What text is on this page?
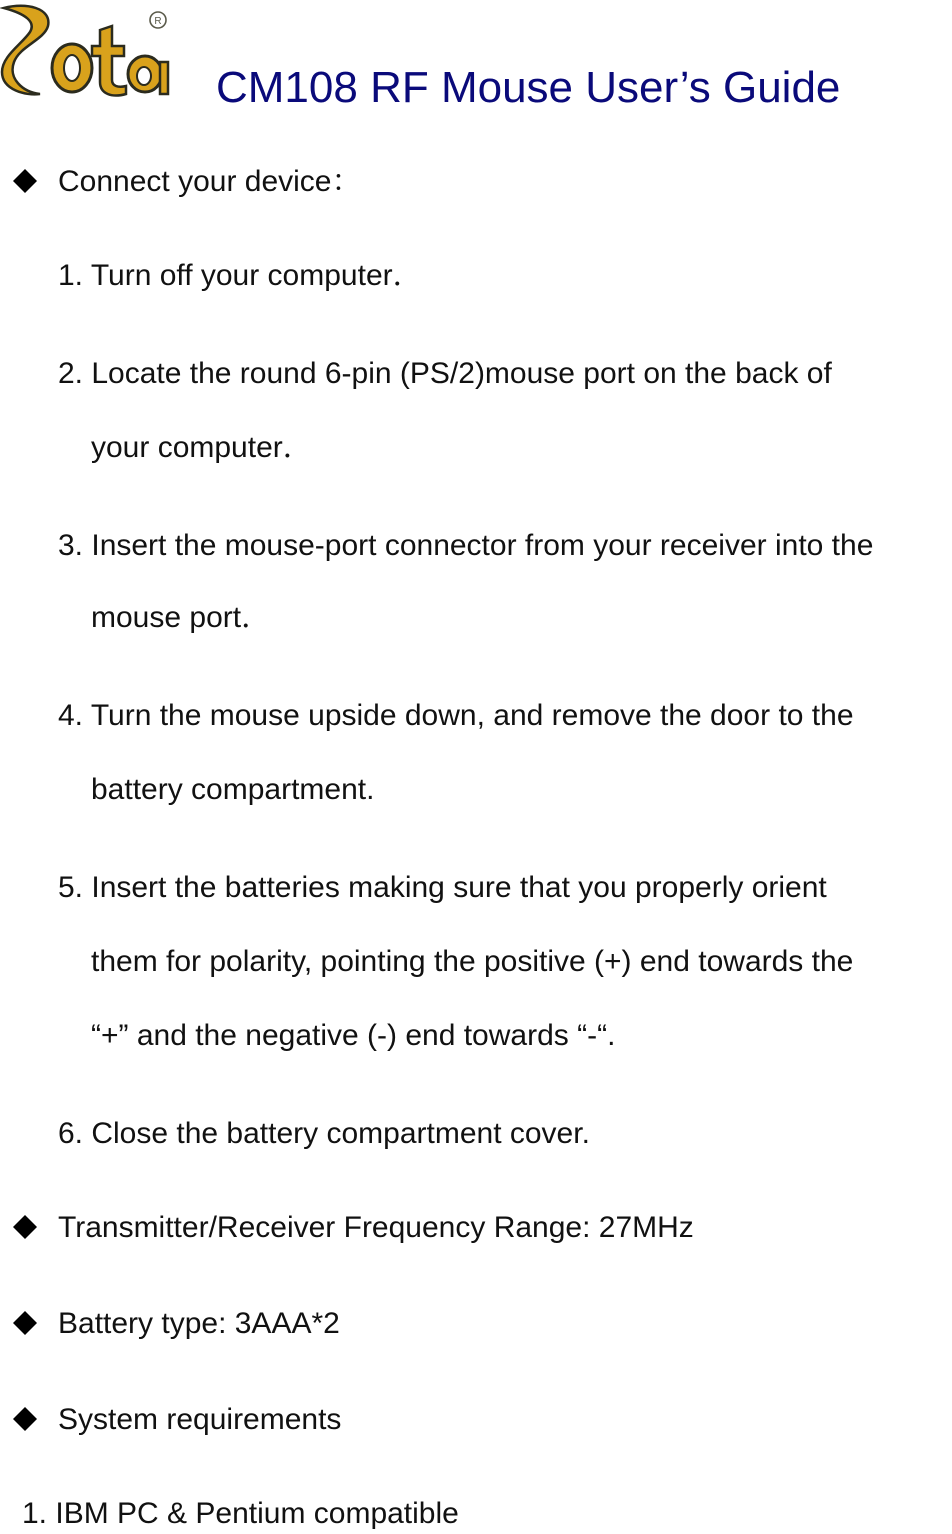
R
CM108 RF Mouse User’s Guide
Connect your device：
1. Turn off your computer．
2. Locate the round 6-pin (PS/2)mouse port on the back of
your computer．
3. Insert the mouse-port connector from your receiver into the
mouse port．
4. Turn the mouse upside down, and remove the door to the
battery compartment.
5. Insert the batteries making sure that you properly orient
them for polarity, pointing the positive (+) end towards the
“+” and the negative (-) end towards “-“.
6. Close the battery compartment cover.
Transmitter/Receiver Frequency Range: 27MHz
Battery type: 3AAA*2
System requirements
1. IBM PC & Pentium compatible
